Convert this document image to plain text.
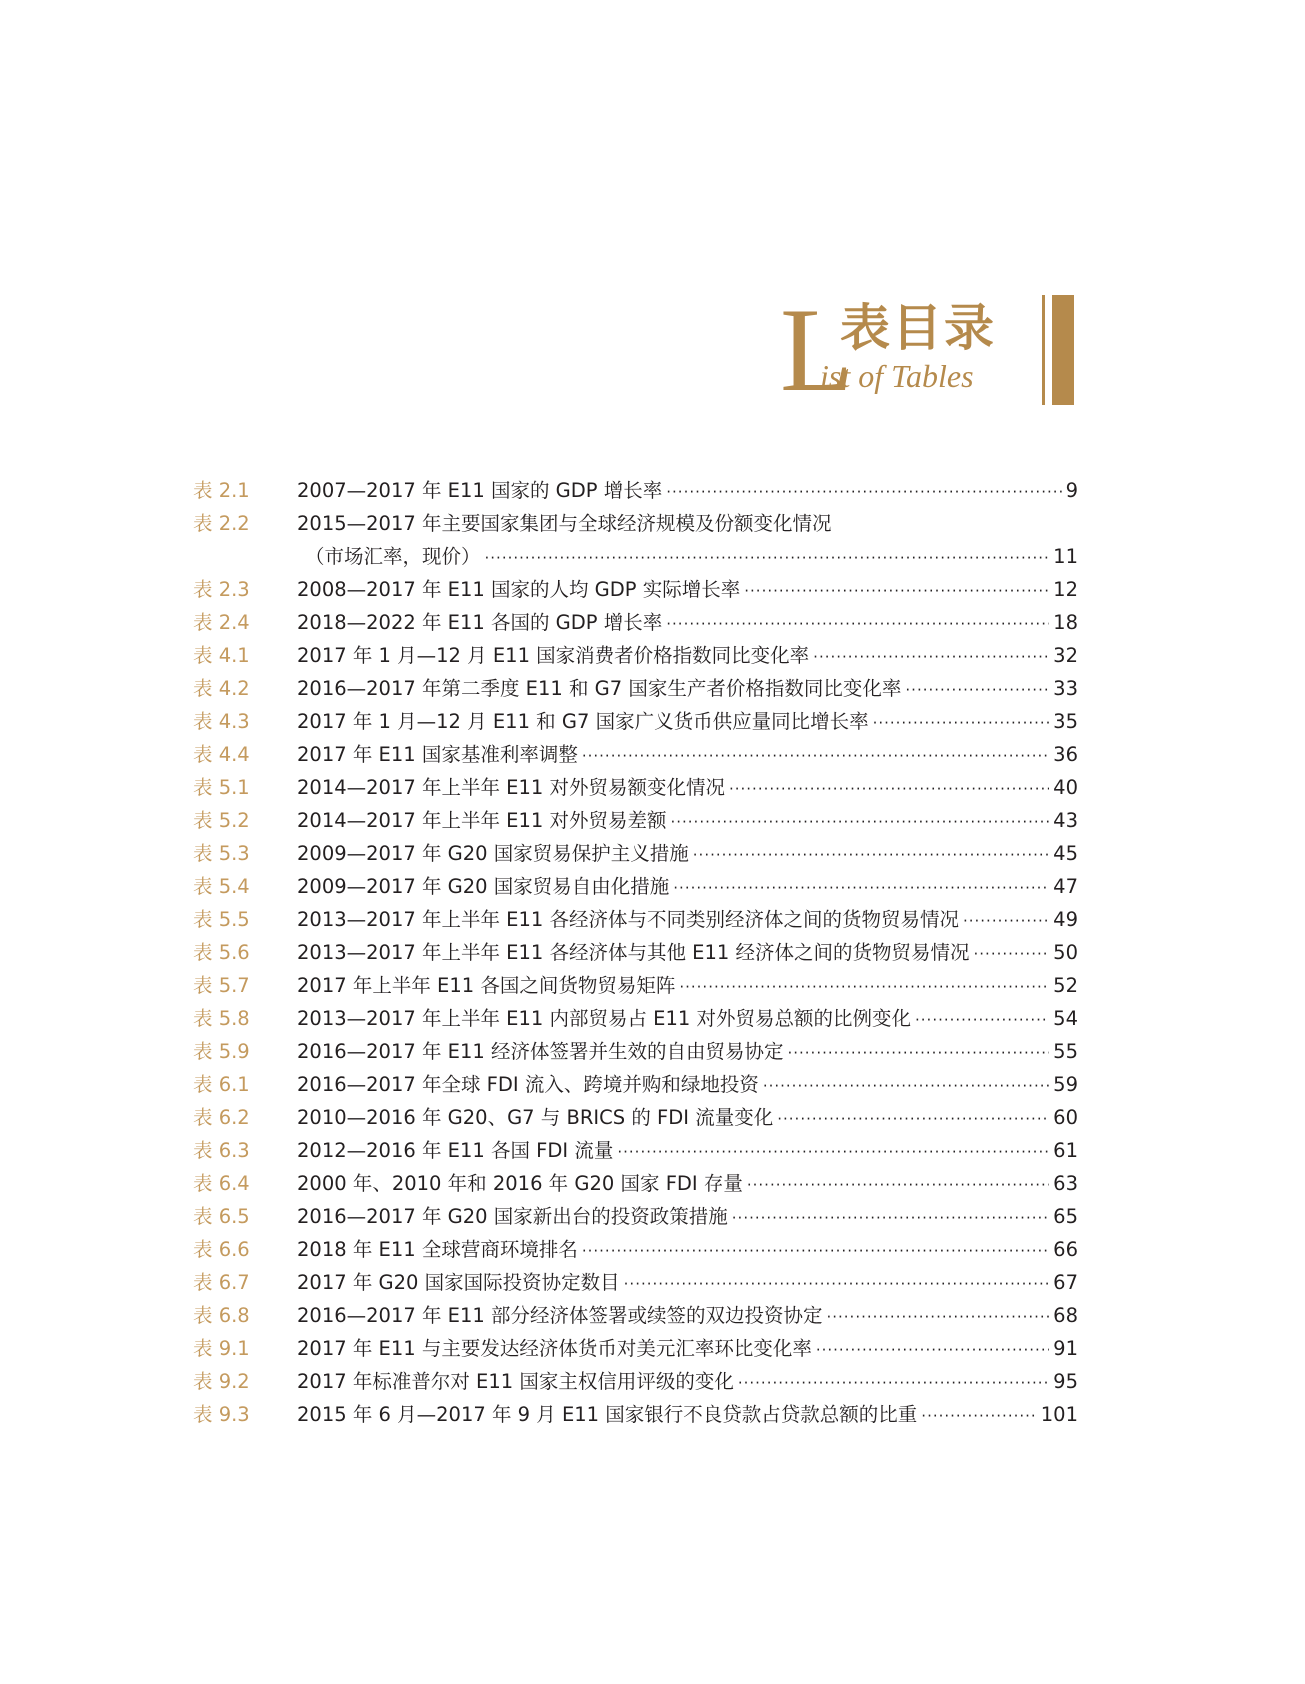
L
表目录
ist of Tables
表 2.1	2007—2017 年 E11 国家的 GDP 增长率 ·····	9
表 2.2	2015—2017 年主要国家集团与全球经济规模及份额变化情况
（市场汇率，现价） ·····	11
表 2.3	2008—2017 年 E11 国家的人均 GDP 实际增长率 ·····	12
表 2.4	2018—2022 年 E11 各国的 GDP 增长率 ·····	18
表 4.1	2017 年 1 月—12 月 E11 国家消费者价格指数同比变化率 ·····	32
表 4.2	2016—2017 年第二季度 E11 和 G7 国家生产者价格指数同比变化率 ·····	33
表 4.3	2017 年 1 月—12 月 E11 和 G7 国家广义货币供应量同比增长率 ·····	35
表 4.4	2017 年 E11 国家基准利率调整 ·····	36
表 5.1	2014—2017 年上半年 E11 对外贸易额变化情况 ·····	40
表 5.2	2014—2017 年上半年 E11 对外贸易差额 ·····	43
表 5.3	2009—2017 年 G20 国家贸易保护主义措施 ·····	45
表 5.4	2009—2017 年 G20 国家贸易自由化措施 ·····	47
表 5.5	2013—2017 年上半年 E11 各经济体与不同类别经济体之间的货物贸易情况 ·····	49
表 5.6	2013—2017 年上半年 E11 各经济体与其他 E11 经济体之间的货物贸易情况 ·····	50
表 5.7	2017 年上半年 E11 各国之间货物贸易矩阵 ·····	52
表 5.8	2013—2017 年上半年 E11 内部贸易占 E11 对外贸易总额的比例变化 ·····	54
表 5.9	2016—2017 年 E11 经济体签署并生效的自由贸易协定 ·····	55
表 6.1	2016—2017 年全球 FDI 流入、跨境并购和绿地投资 ·····	59
表 6.2	2010—2016 年 G20、G7 与 BRICS 的 FDI 流量变化 ·····	60
表 6.3	2012—2016 年 E11 各国 FDI 流量 ·····	61
表 6.4	2000 年、2010 年和 2016 年 G20 国家 FDI 存量 ·····	63
表 6.5	2016—2017 年 G20 国家新出台的投资政策措施 ·····	65
表 6.6	2018 年 E11 全球营商环境排名 ·····	66
表 6.7	2017 年 G20 国家国际投资协定数目 ·····	67
表 6.8	2016—2017 年 E11 部分经济体签署或续签的双边投资协定 ·····	68
表 9.1	2017 年 E11 与主要发达经济体货币对美元汇率环比变化率 ·····	91
表 9.2	2017 年标准普尔对 E11 国家主权信用评级的变化 ·····	95
表 9.3	2015 年 6 月—2017 年 9 月 E11 国家银行不良贷款占贷款总额的比重 ·····	101
